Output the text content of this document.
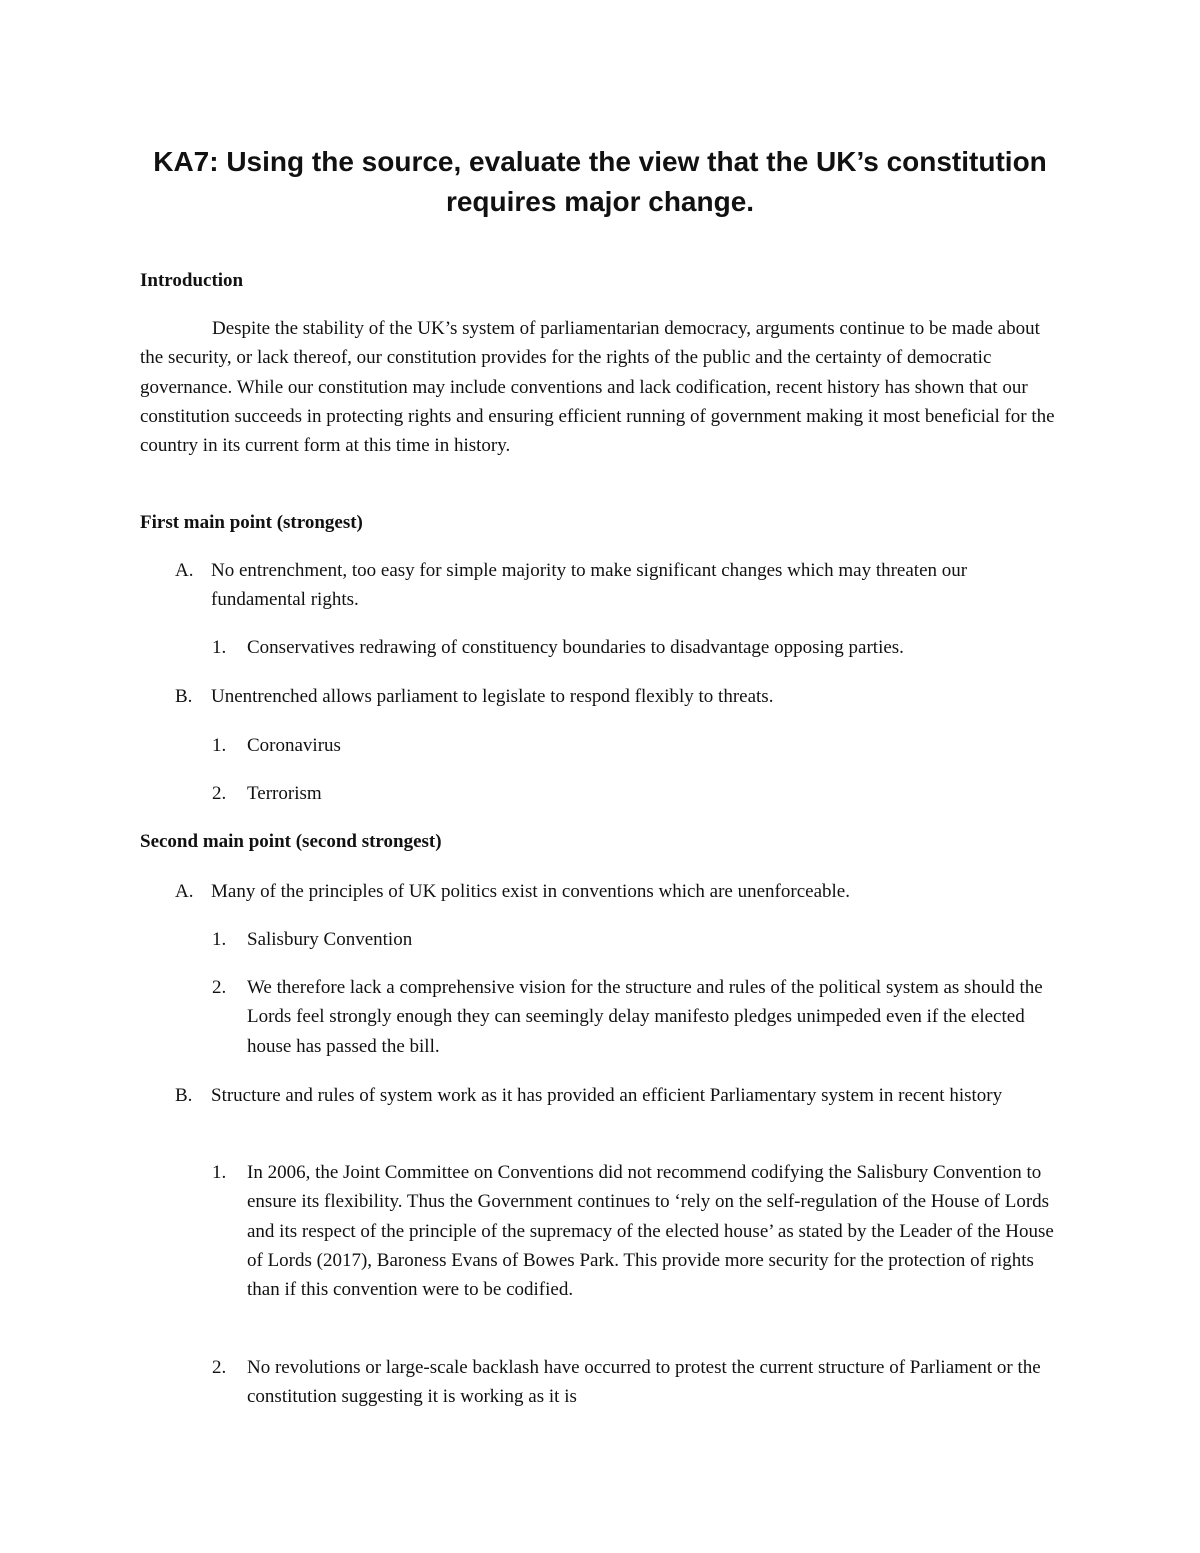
KA7: Using the source, evaluate the view that the UK’s constitution requires major change.
Introduction

Despite the stability of the UK’s system of parliamentarian democracy, arguments continue to be made about the security, or lack thereof, our constitution provides for the rights of the public and the certainty of democratic governance. While our constitution may include conventions and lack codification, recent history has shown that our constitution succeeds in protecting rights and ensuring efficient running of government making it most beneficial for the country in its current form at this time in history.

First main point (strongest)
A. No entrenchment, too easy for simple majority to make significant changes which may threaten our fundamental rights.
1.	Conservatives redrawing of constituency boundaries to disadvantage opposing parties.
B. Unentrenched allows parliament to legislate to respond flexibly to threats.
1.	Coronavirus
2.	Terrorism
Second main point (second strongest)
A. Many of the principles of UK politics exist in conventions which are unenforceable.
1.	Salisbury Convention
2.	We therefore lack a comprehensive vision for the structure and rules of the political system as should the Lords feel strongly enough they can seemingly delay manifesto pledges unimpeded even if the elected house has passed the bill.
B. Structure and rules of system work as it has provided an efficient Parliamentary system in recent history
1.	In 2006, the Joint Committee on Conventions did not recommend codifying the Salisbury Convention to ensure its flexibility. Thus the Government continues to ‘rely on the self-regulation of the House of Lords and its respect of the principle of the supremacy of the elected house’ as stated by the Leader of the House of Lords (2017), Baroness Evans of Bowes Park. This provide more security for the protection of rights than if this convention were to be codified.
2.	No revolutions or large-scale backlash have occurred to protest the current structure of Parliament or the constitution suggesting it is working as it is
